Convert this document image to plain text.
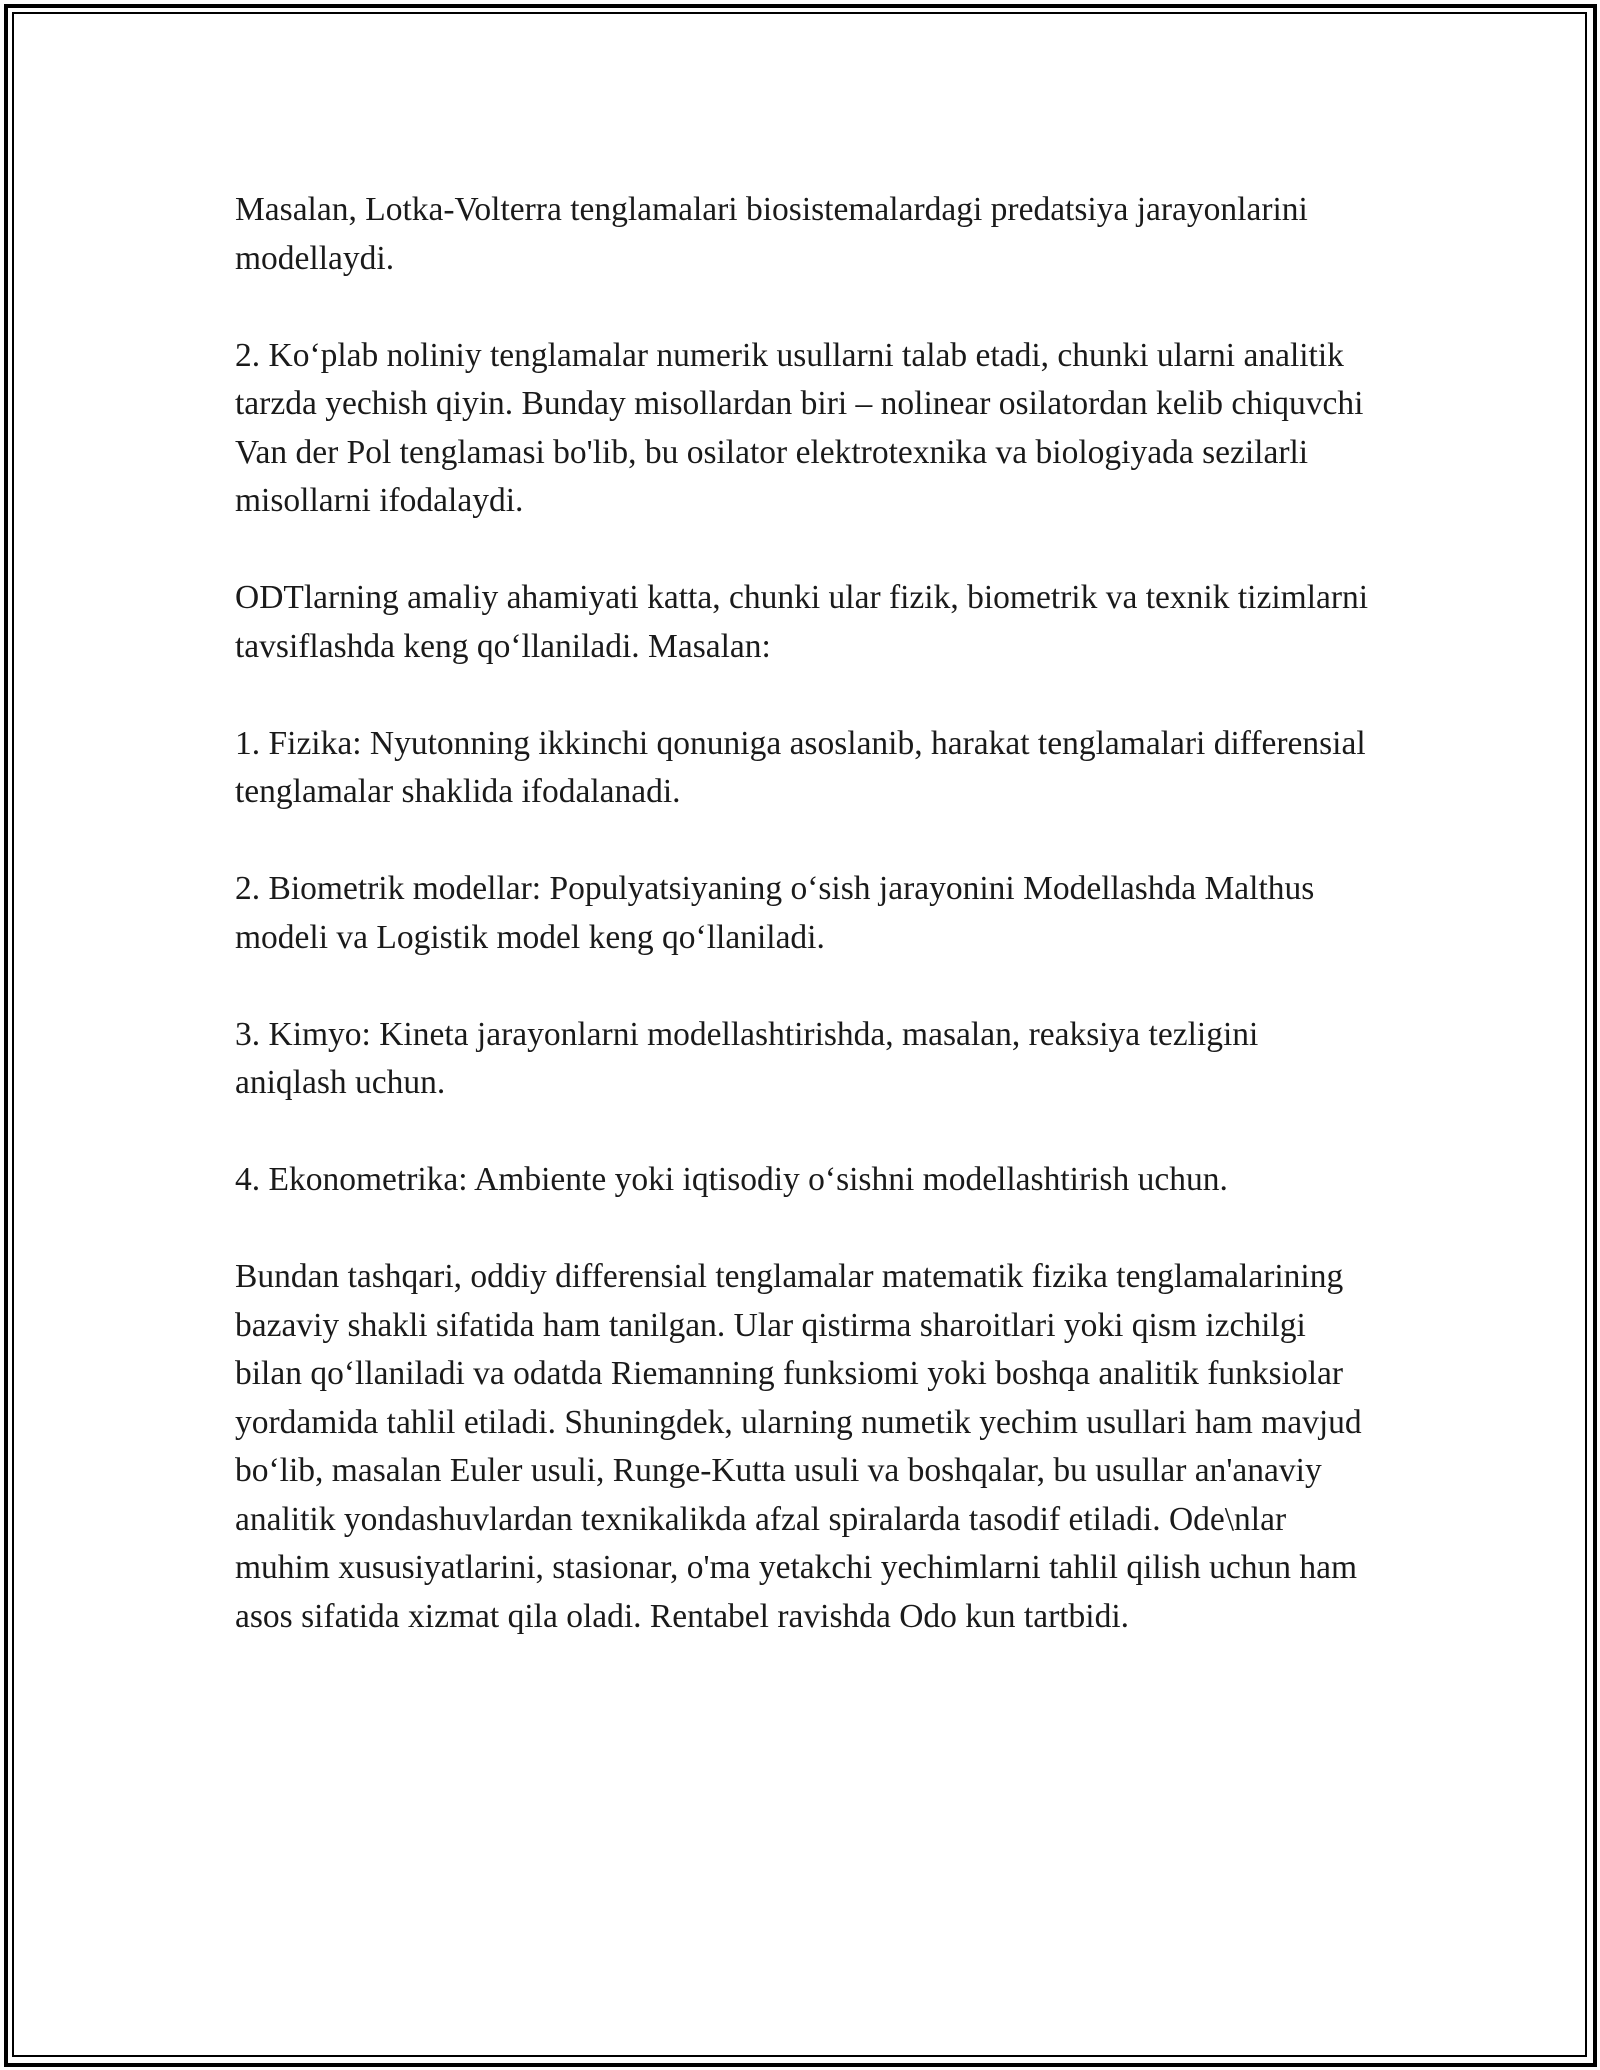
Masalan, Lotka-Volterra tenglamalari biosistemalardagi predatsiya jarayonlarini modellaydi.

2. Koʻplab noliniy tenglamalar numerik usullarni talab etadi, chunki ularni analitik tarzda yechish qiyin. Bunday misollardan biri – nolinear osilatordan kelib chiquvchi Van der Pol tenglamasi bo'lib, bu osilator elektrotexnika va biologiyada sezilarli misollarni ifodalaydi.

ODTlarning amaliy ahamiyati katta, chunki ular fizik, biometrik va texnik tizimlarni tavsiflashda keng qoʻllaniladi. Masalan:

1. Fizika: Nyutonning ikkinchi qonuniga asoslanib, harakat tenglamalari differensial tenglamalar shaklida ifodalanadi.

2. Biometrik modellar: Populyatsiyaning oʻsish jarayonini Modellashda Malthus modeli va Logistik model keng qoʻllaniladi.

3. Kimyo: Kineta jarayonlarni modellashtirishda, masalan, reaksiya tezligini aniqlash uchun.

4. Ekonometrika: Ambiente yoki iqtisodiy oʻsishni modellashtirish uchun.

Bundan tashqari, oddiy differensial tenglamalar matematik fizika tenglamalarining bazaviy shakli sifatida ham tanilgan. Ular qistirma sharoitlari yoki qism izchilgi bilan qoʻllaniladi va odatda Riemanning funksiomi yoki boshqa analitik funksiolar yordamida tahlil etiladi. Shuningdek, ularning numetik yechim usullari ham mavjud boʻlib, masalan Euler usuli, Runge-Kutta usuli va boshqalar, bu usullar an'anaviy analitik yondashuvlardan texnikalikda afzal spiralarda tasodif etiladi. Ode\nlar muhim xususiyatlarini, stasionar, o'ma yetakchi yechimlarni tahlil qilish uchun ham asos sifatida xizmat qila oladi. Rentabel ravishda Odo kun tartbidi.
